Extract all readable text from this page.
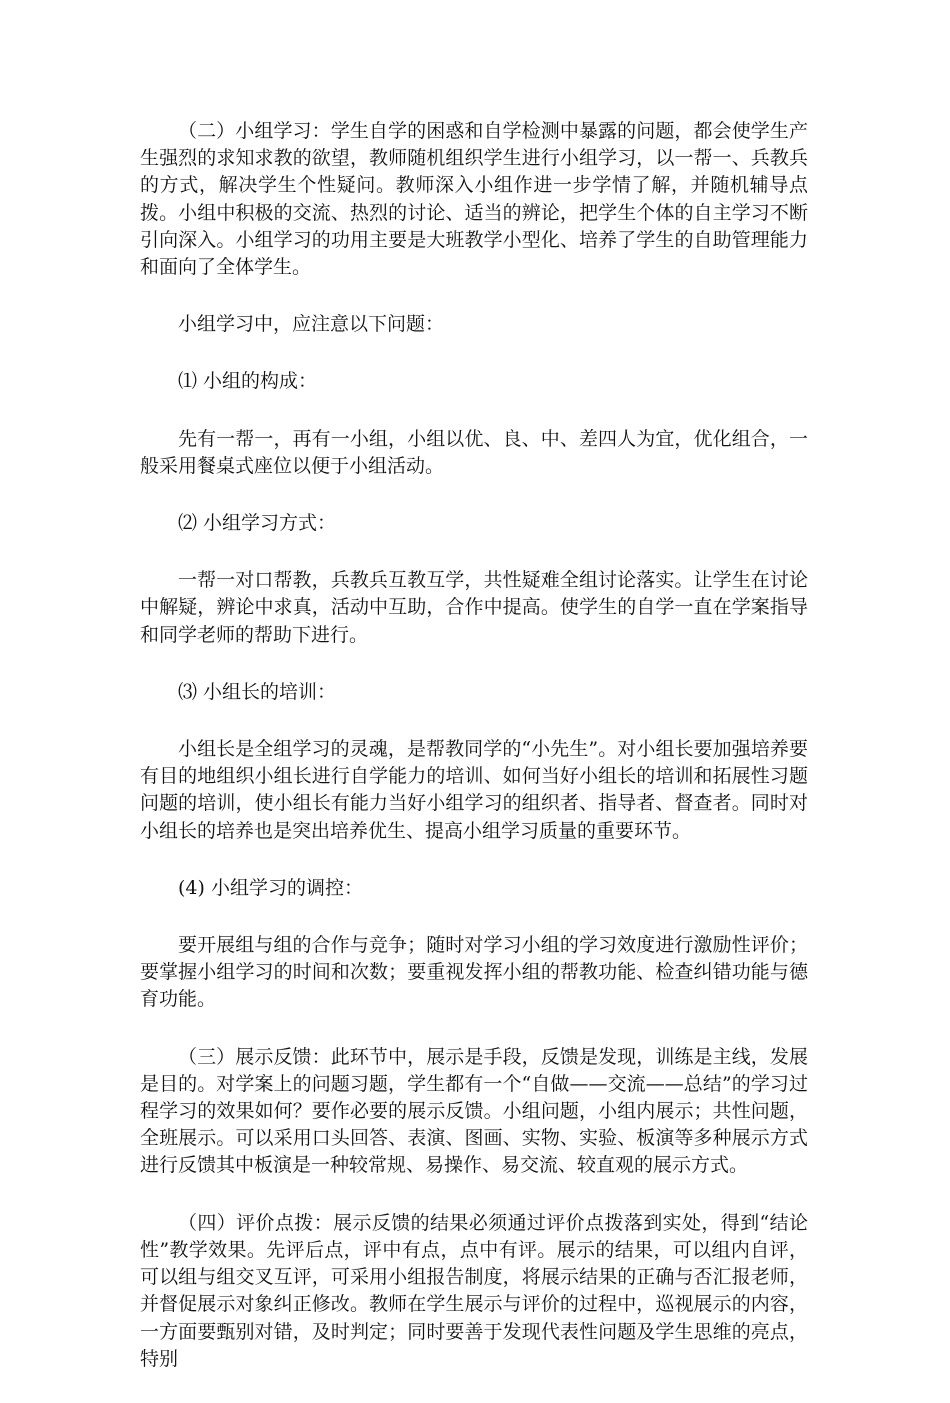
（二）小组学习：学生自学的困惑和自学检测中暴露的问题，都会使学生产生强烈的求知求教的欲望，教师随机组织学生进行小组学习，以一帮一、兵教兵的方式，解决学生个性疑问。教师深入小组作进一步学情了解，并随机辅导点拨。小组中积极的交流、热烈的讨论、适当的辨论，把学生个体的自主学习不断引向深入。小组学习的功用主要是大班教学小型化、培养了学生的自助管理能力和面向了全体学生。

小组学习中，应注意以下问题：

⑴ 小组的构成：

先有一帮一，再有一小组，小组以优、良、中、差四人为宜，优化组合，一般采用餐桌式座位以便于小组活动。

⑵ 小组学习方式：

一帮一对口帮教，兵教兵互教互学，共性疑难全组讨论落实。让学生在讨论中解疑，辨论中求真，活动中互助，合作中提高。使学生的自学一直在学案指导和同学老师的帮助下进行。

⑶ 小组长的培训：

小组长是全组学习的灵魂，是帮教同学的“小先生”。对小组长要加强培养要有目的地组织小组长进行自学能力的培训、如何当好小组长的培训和拓展性习题问题的培训，使小组长有能力当好小组学习的组织者、指导者、督查者。同时对小组长的培养也是突出培养优生、提高小组学习质量的重要环节。

(4) 小组学习的调控：

要开展组与组的合作与竞争；随时对学习小组的学习效度进行激励性评价；要掌握小组学习的时间和次数；要重视发挥小组的帮教功能、检查纠错功能与德育功能。

（三）展示反馈：此环节中，展示是手段，反馈是发现，训练是主线，发展是目的。对学案上的问题习题，学生都有一个“自做——交流——总结”的学习过程学习的效果如何？要作必要的展示反馈。小组问题，小组内展示；共性问题，全班展示。可以采用口头回答、表演、图画、实物、实验、板演等多种展示方式进行反馈其中板演是一种较常规、易操作、易交流、较直观的展示方式。

（四）评价点拨：展示反馈的结果必须通过评价点拨落到实处，得到“结论性”教学效果。先评后点，评中有点，点中有评。展示的结果，可以组内自评，可以组与组交叉互评，可采用小组报告制度，将展示结果的正确与否汇报老师，并督促展示对象纠正修改。教师在学生展示与评价的过程中，巡视展示的内容，一方面要甄别对错，及时判定；同时要善于发现代表性问题及学生思维的亮点，特别
